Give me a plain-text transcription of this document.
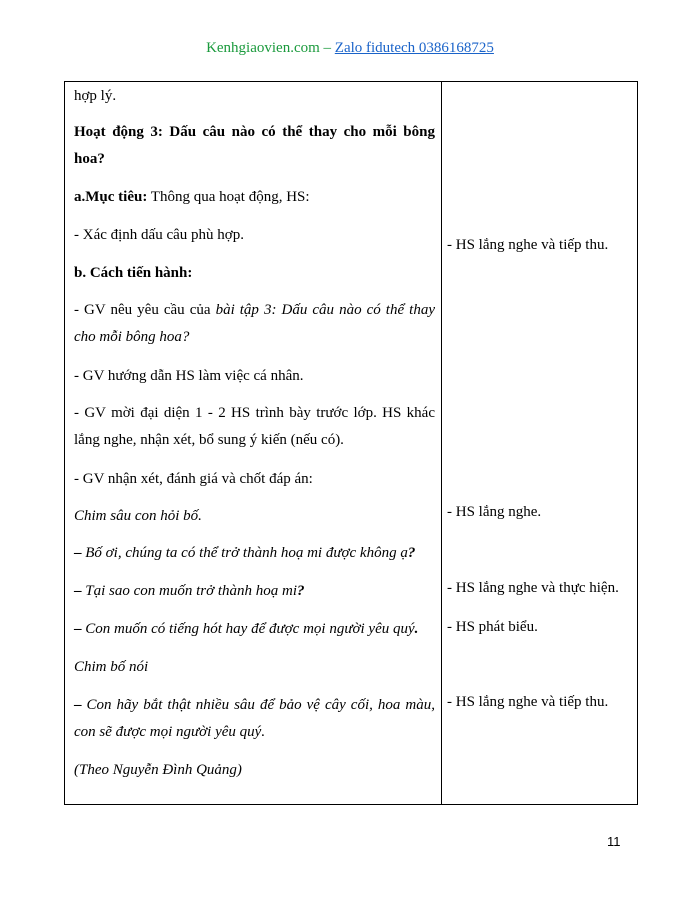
Kenhgiaovien.com – Zalo fidutech 0386168725

hợp lý.

Hoạt động 3: Dấu câu nào có thể thay cho mỗi bông hoa?

a.Mục tiêu: Thông qua hoạt động, HS:

- Xác định dấu câu phù hợp.

b. Cách tiến hành:

- GV nêu yêu cầu của bài tập 3: Dấu câu nào có thể thay cho mỗi bông hoa?

- GV hướng dẫn HS làm việc cá nhân.

- GV mời đại diện 1 - 2 HS trình bày trước lớp. HS khác lắng nghe, nhận xét, bổ sung ý kiến (nếu có).

- GV nhận xét, đánh giá và chốt đáp án:

Chim sâu con hỏi bố.

– Bố ơi, chúng ta có thể trở thành hoạ mi được không ạ?

– Tại sao con muốn trở thành hoạ mi?

– Con muốn có tiếng hót hay để được mọi người yêu quý.

Chim bố nói

– Con hãy bắt thật nhiều sâu để bảo vệ cây cối, hoa màu, con sẽ được mọi người yêu quý.

(Theo Nguyễn Đình Quảng)

- HS lắng nghe và tiếp thu.
- HS lắng nghe.
- HS lắng nghe và thực hiện.
- HS phát biểu.
- HS lắng nghe và tiếp thu.
11
